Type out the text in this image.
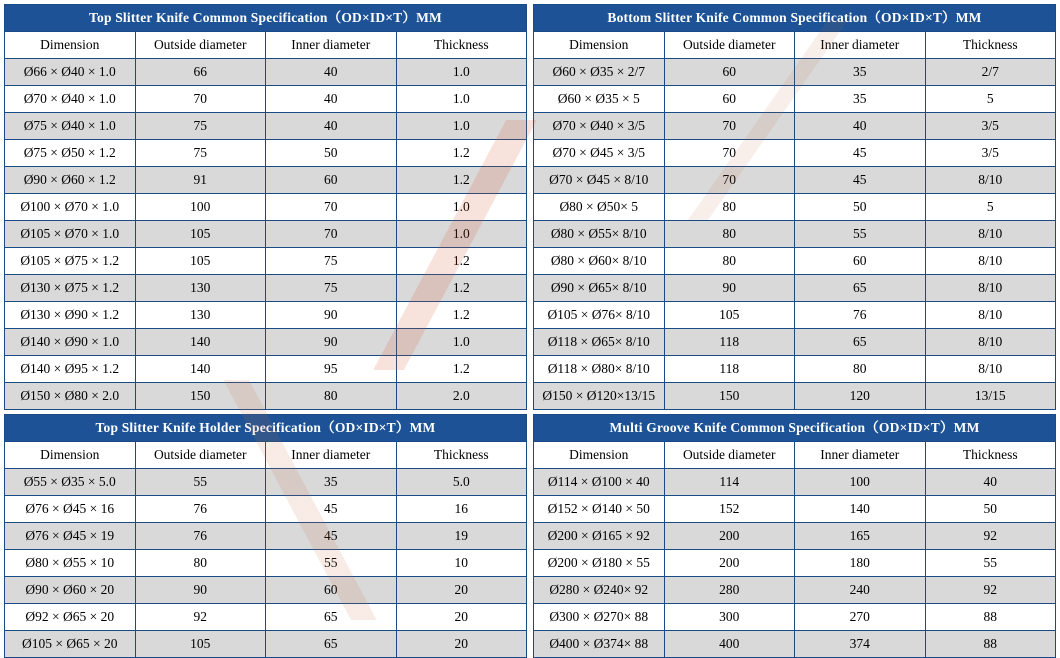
Top Slitter Knife Common Specification（OD×ID×T）MM			
Dimension	Outside diameter	Inner diameter	Thickness
Ø66 × Ø40 × 1.0	66	40	1.0
Ø70 × Ø40 × 1.0	70	40	1.0
Ø75 × Ø40 × 1.0	75	40	1.0
Ø75 × Ø50 × 1.2	75	50	1.2
Ø90 × Ø60 × 1.2	91	60	1.2
Ø100 × Ø70 × 1.0	100	70	1.0
Ø105 × Ø70 × 1.0	105	70	1.0
Ø105 × Ø75 × 1.2	105	75	1.2
Ø130 × Ø75 × 1.2	130	75	1.2
Ø130 × Ø90 × 1.2	130	90	1.2
Ø140 × Ø90 × 1.0	140	90	1.0
Ø140 × Ø95 × 1.2	140	95	1.2
Ø150 × Ø80 × 2.0	150	80	2.0
Top Slitter Knife Holder Specification（OD×ID×T）MM			
Dimension	Outside diameter	Inner diameter	Thickness
Ø55 × Ø35 × 5.0	55	35	5.0
Ø76 × Ø45 × 16	76	45	16
Ø76 × Ø45 × 19	76	45	19
Ø80 × Ø55 × 10	80	55	10
Ø90 × Ø60 × 20	90	60	20
Ø92 × Ø65 × 20	92	65	20
Ø105 × Ø65 × 20	105	65	20
Bottom Slitter Knife Common Specification（OD×ID×T）MM			
Dimension	Outside diameter	Inner diameter	Thickness
Ø60 × Ø35 × 2/7	60	35	2/7
Ø60 × Ø35 × 5	60	35	5
Ø70 × Ø40 × 3/5	70	40	3/5
Ø70 × Ø45 × 3/5	70	45	3/5
Ø70 × Ø45 × 8/10	70	45	8/10
Ø80 × Ø50× 5	80	50	5
Ø80 × Ø55× 8/10	80	55	8/10
Ø80 × Ø60× 8/10	80	60	8/10
Ø90 × Ø65× 8/10	90	65	8/10
Ø105 × Ø76× 8/10	105	76	8/10
Ø118 × Ø65× 8/10	118	65	8/10
Ø118 × Ø80× 8/10	118	80	8/10
Ø150 × Ø120×13/15	150	120	13/15
Multi Groove Knife Common Specification（OD×ID×T）MM			
Dimension	Outside diameter	Inner diameter	Thickness
Ø114 × Ø100 × 40	114	100	40
Ø152 × Ø140 × 50	152	140	50
Ø200 × Ø165 × 92	200	165	92
Ø200 × Ø180 × 55	200	180	55
Ø280 × Ø240× 92	280	240	92
Ø300 × Ø270× 88	300	270	88
Ø400 × Ø374× 88	400	374	88
